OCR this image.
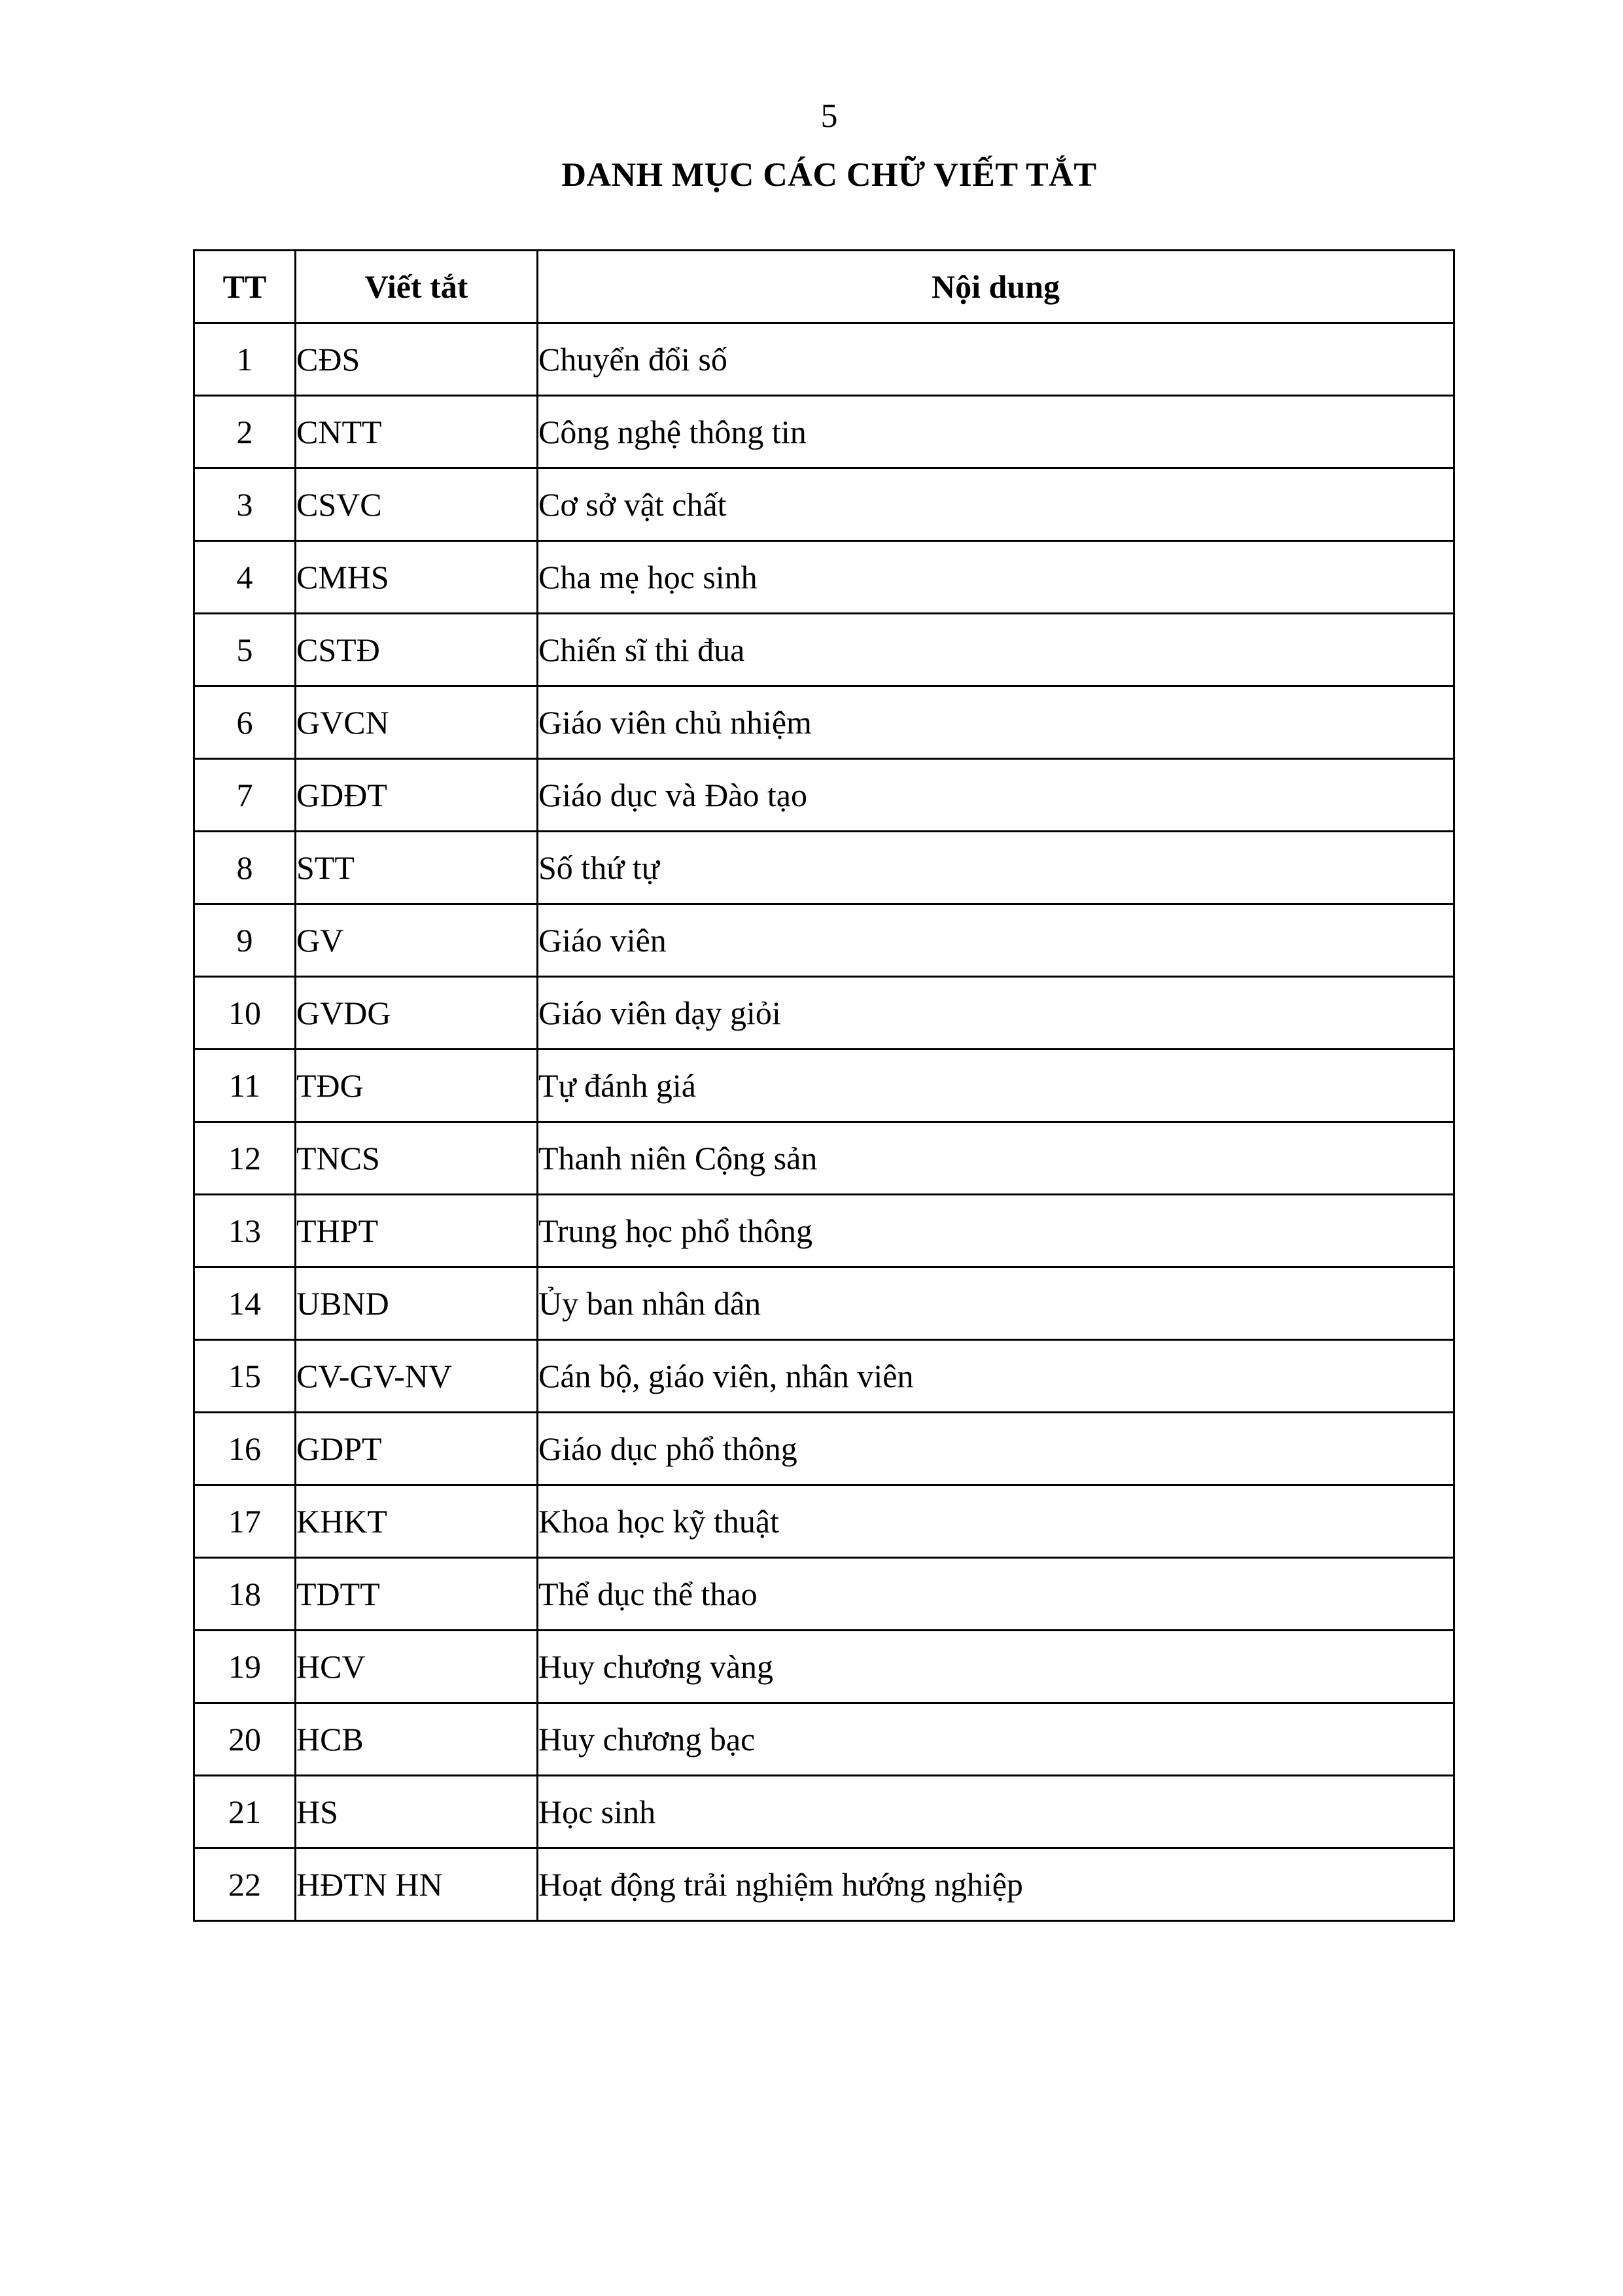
5
DANH MỤC CÁC CHỮ VIẾT TẮT
TT	Viết tắt	Nội dung
1	CĐS	Chuyển đổi số
2	CNTT	Công nghệ thông tin
3	CSVC	Cơ sở vật chất
4	CMHS	Cha mẹ học sinh
5	CSTĐ	Chiến sĩ thi đua
6	GVCN	Giáo viên chủ nhiệm
7	GDĐT	Giáo dục và Đào tạo
8	STT	Số thứ tự
9	GV	Giáo viên
10	GVDG	Giáo viên dạy giỏi
11	TĐG	Tự đánh giá
12	TNCS	Thanh niên Cộng sản
13	THPT	Trung học phổ thông
14	UBND	Ủy ban nhân dân
15	CV-GV-NV	Cán bộ, giáo viên, nhân viên
16	GDPT	Giáo dục phổ thông
17	KHKT	Khoa học kỹ thuật
18	TDTT	Thể dục thể thao
19	HCV	Huy chương vàng
20	HCB	Huy chương bạc
21	HS	Học sinh
22	HĐTN HN	Hoạt động trải nghiệm hướng nghiệp
